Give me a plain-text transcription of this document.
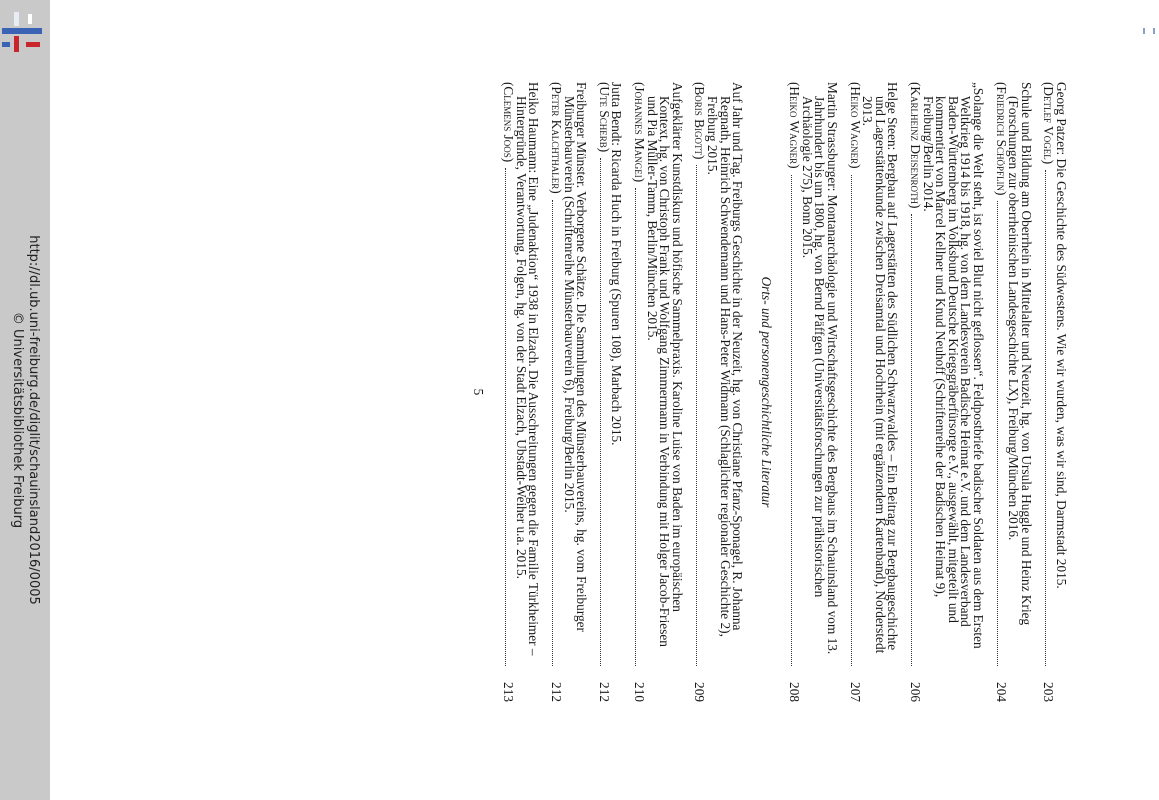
http://dl.ub.uni-freiburg.de/diglit/schauinsland2016/0005
© Universitätsbibliothek Freiburg	Georg Patzer: Die Geschichte des Südwestens. Wie wir wurden, was wir sind, Darmstadt 2015.
(Detlef Vogel)
203
Schule und Bildung am Oberrhein in Mittelalter und Neuzeit, hg. von Ursula Huggle und Heinz Krieg (Forschungen zur oberrheinischen Landesgeschichte LX), Freiburg/München 2016.
(Friedrich Schöpflin)
204
„Solange die Welt steht, ist soviel Blut nicht geflossen“. Feldpostbriefe badischer Soldaten aus dem Ersten Weltkrieg 1914 bis 1918, hg. von dem Landesverein Badische Heimat e.V. und dem Landesverband Baden-Württemberg im Volksbund Deutsche Kriegsgräberfürsorge e.V., ausgewählt, mitgeteilt und kommentiert von Marcel Kellner und Knud Neuhoff (Schriftenreihe der Badischen Heimat 9), Freiburg/Berlin 2014.
(Karlheinz Deisenroth)
206
Helge Steen: Bergbau auf Lagerstätten des Südlichen Schwarzwaldes – Ein Beitrag zur Bergbaugeschichte und Lagerstättenkunde zwischen Dreisamtal und Hochrhein (mit ergänzendem Kartenband), Norderstedt 2013.
(Heiko Wagner)
207
Martin Strassburger: Montanarchäologie und Wirtschaftsgeschichte des Bergbaus im Schauinsland vom 13. Jahrhundert bis um 1800, hg. von Bernd Päffgen (Universitätsforschungen zur prähistorischen Archäologie 275), Bonn 2015.
(Heiko Wagner)
208
Orts- und personengeschichtliche Literatur
Auf Jahr und Tag. Freiburgs Geschichte in der Neuzeit, hg. von Christiane Pfanz-Sponagel, R. Johanna Regnath, Heinrich Schwendemann und Hans-Peter Widmann (Schlaglichter regionaler Geschichte 2), Freiburg 2015.
(Boris Bigott)
209
Aufgeklärter Kunstdiskurs und höfische Sammelpraxis. Karoline Luise von Baden im europäischen Kontext, hg. von Christoph Frank und Wolfgang Zimmermann in Verbindung mit Holger Jacob-Friesen und Pia Müller-Tamm, Berlin/München 2015.
(Johannes Mangei)
210
Jutta Bendt: Ricarda Huch in Freiburg (Spuren 108), Marbach 2015.
(Ute Scherb)
212
Freiburger Münster. Verborgene Schätze. Die Sammlungen des Münsterbauvereins, hg. vom Freiburger Münsterbauverein (Schriftenreihe Münsterbauverein 6), Freiburg/Berlin 2015.
(Peter Kalchthaler)
212
Heiko Haumann: Eine „Judenaktion“ 1938 in Elzach. Die Ausschreitungen gegen die Familie Türkheimer – Hintergründe, Verantwortung, Folgen, hg. von der Stadt Elzach, Ubstadt-Weiher u.a. 2015.
(Clemens Joos)
213
5
